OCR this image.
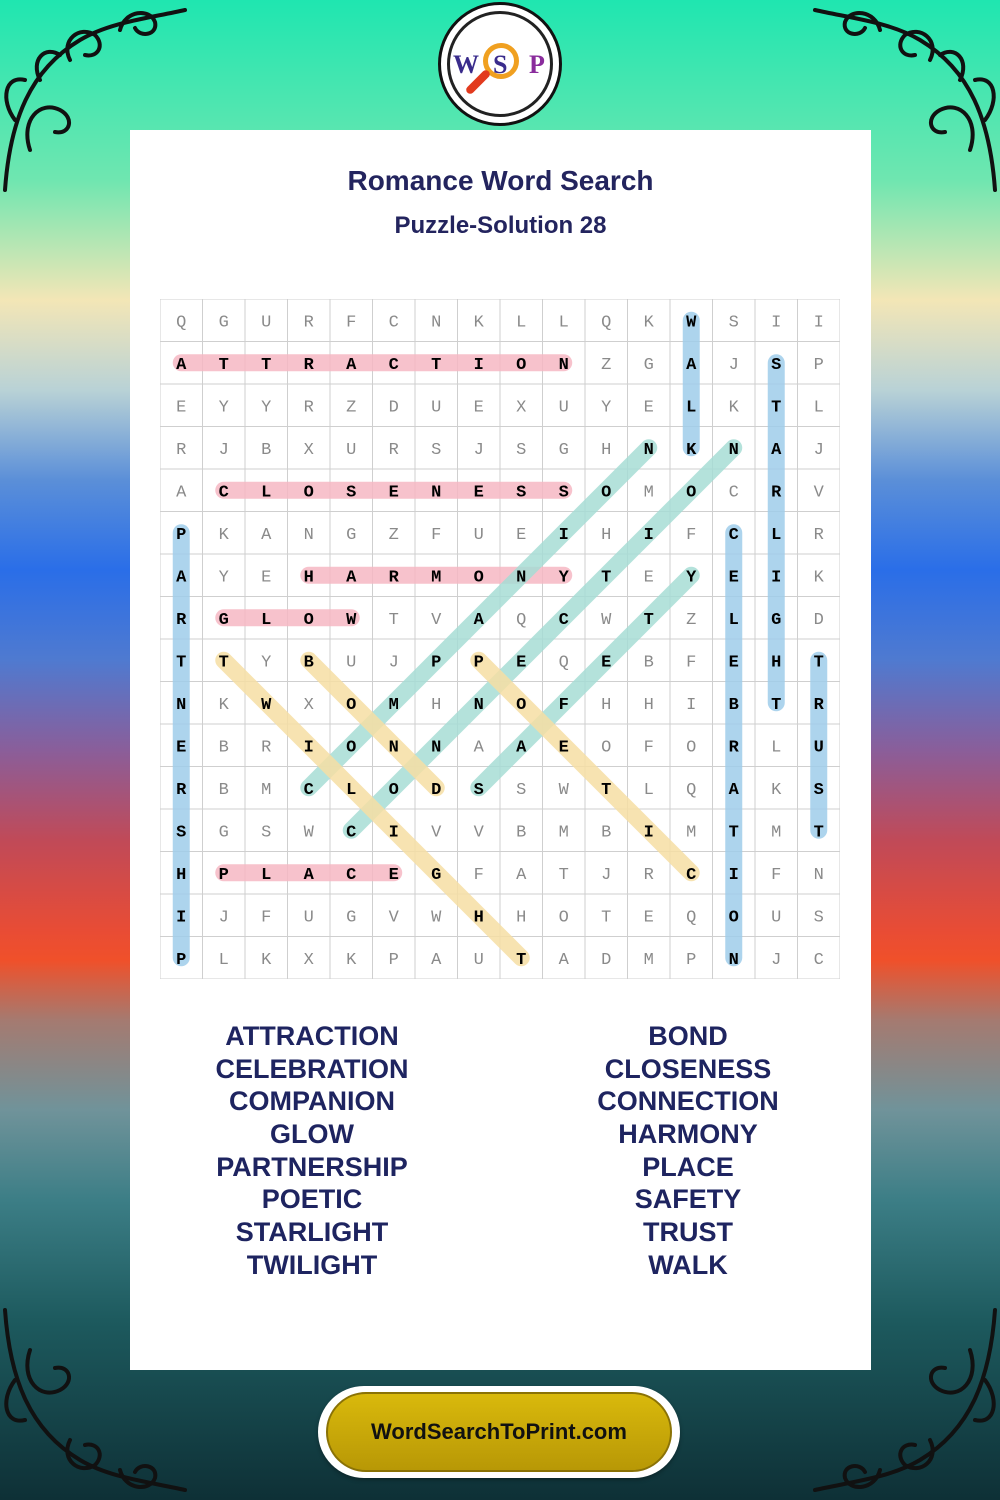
W S P
Romance Word Search
Puzzle-Solution 28
Q G U R F C N K L L Q K W S I I
A T T R A C T I O N Z G A J S P
E Y Y R Z D U E X U Y E L K T L
R J B X U R S J S G H N K N A J
A C L O S E N E S S O M O C R V
P K A N G Z F U E I H I F C L R
A Y E H A R M O N Y T E Y E I K
R G L O W T V A Q C W T Z L G D
T T Y B U J P P E Q E B F E H T
N K W X O M H N O F H H I B T R
E B R I O N N A A E O F O R L U
R B M C L O D S S W T L Q A K S
S G S W C I V V B M B I M T M T
H P L A C E G F A T J R C I F N
I J F U G V W H H O T E Q O U S
P L K X K P A U T A D M P N J C
ATTRACTION
CELEBRATION
COMPANION
GLOW
PARTNERSHIP
POETIC
STARLIGHT
TWILIGHT
BOND
CLOSENESS
CONNECTION
HARMONY
PLACE
SAFETY
TRUST
WALK
WordSearchToPrint.com
